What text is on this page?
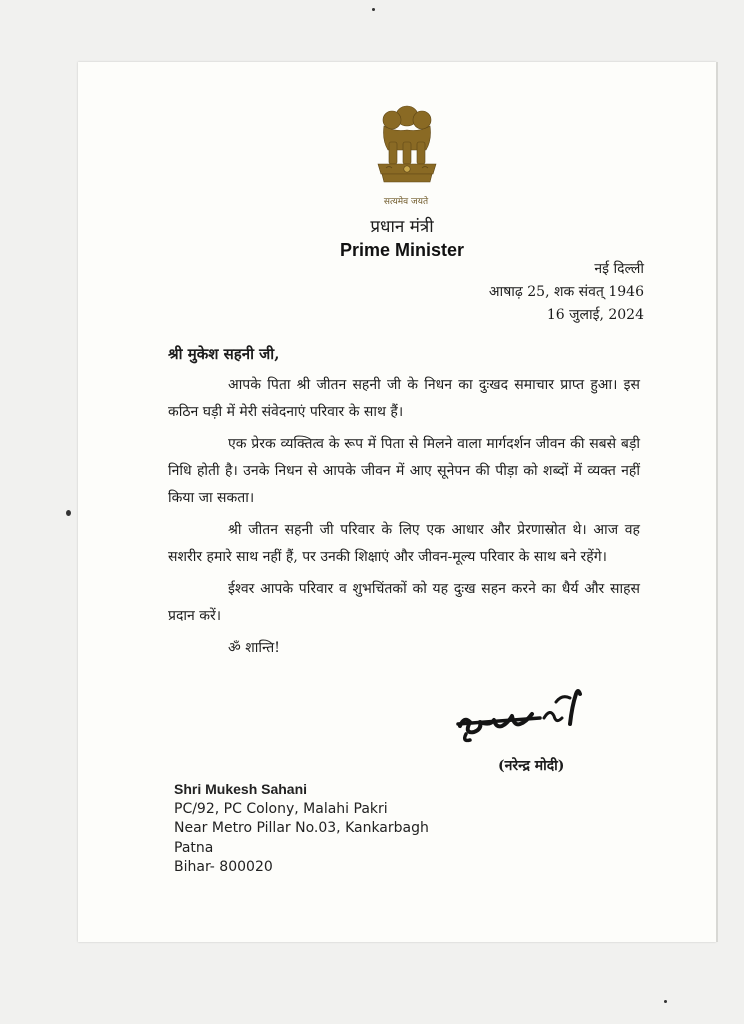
सत्यमेव जयते
प्रधान मंत्री
Prime Minister
नई दिल्ली
आषाढ़ 25, शक संवत् 1946
16 जुलाई, 2024
श्री मुकेश सहनी जी,

आपके पिता श्री जीतन सहनी जी के निधन का दुःखद समाचार प्राप्त हुआ। इस कठिन घड़ी में मेरी संवेदनाएं परिवार के साथ हैं।

एक प्रेरक व्यक्तित्व के रूप में पिता से मिलने वाला मार्गदर्शन जीवन की सबसे बड़ी निधि होती है। उनके निधन से आपके जीवन में आए सूनेपन की पीड़ा को शब्दों में व्यक्त नहीं किया जा सकता।

श्री जीतन सहनी जी परिवार के लिए एक आधार और प्रेरणास्रोत थे। आज वह सशरीर हमारे साथ नहीं हैं, पर उनकी शिक्षाएं और जीवन-मूल्य परिवार के साथ बने रहेंगे।

ईश्वर आपके परिवार व शुभचिंतकों को यह दुःख सहन करने का धैर्य और साहस प्रदान करें।

ॐ शान्ति!

(नरेन्द्र मोदी)
Shri Mukesh Sahani
PC/92, PC Colony, Malahi Pakri
Near Metro Pillar No.03, Kankarbagh
Patna
Bihar- 800020
